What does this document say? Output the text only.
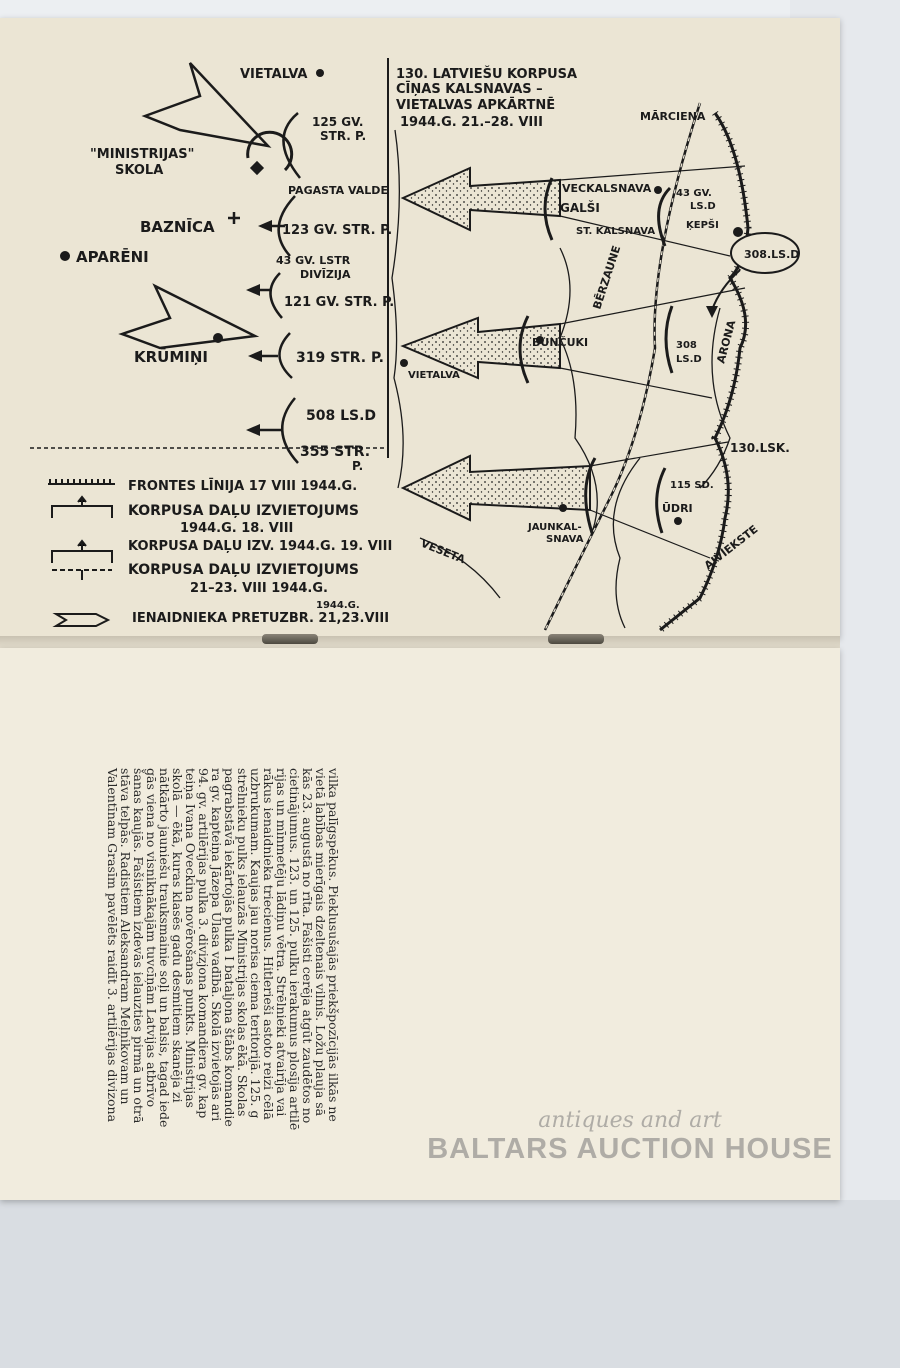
VIETALVA
125 GV.
STR. P.
"MINISTRIJAS"
SKOLA
PAGASTA VALDE
BAZNĪCA	123 GV. STR. P.
43 GV. LSTR
DIVĪZIJA
APARĒNI
121 GV. STR. P.
KRŪMIŅI	319 STR. P.
508 LS.D
355 STR.
P.
FRONTES LĪNIJA 17 VIII 1944.G.
KORPUSA DAĻU IZVIETOJUMS
1944.G. 18. VIII
KORPUSA DAĻU IZV. 1944.G. 19. VIII
KORPUSA DAĻU IZVIETOJUMS
21–23. VIII 1944.G.
1944.G.
IENAIDNIEKA PRETUZBR. 21,23.VIII
130. LATVIEŠU KORPUSA
CĪŅAS KALSNAVAS –
VIETALVAS APKĀRTNĒ
1944.G. 21.–28. VIII	MĀRCIENA
VECKALSNAVA
GALŠI
ST. KALSNAVA
43 GV.
LS.D
ĶEPŠI
308.LS.D
BĒRZAUNE
BUNČUKI	308
LS.D ARONA
VIETALVA
130.LSK.
115 SD.
ŪDRI
JAUNKAL-
SNAVA
VESETA	AIVIEKSTE

vilka palīgspēkus. Pieklusušajās priekšpozīcijās ilkās ne

vietā labības mierīgais dzeltenais vilnis. Ložu plauja sā

kās 23. augustā no rīta. Fašisti cerēja atgūt zaudētos no

cietinājumus. 123. un 125. pulku ierakumus plosīja artilē

rijas un mīnmetēju lādiņu vētra. Strēlnieki atvairīja vai

rākus ienaidnieka triecienus. Hitlerieši astoto reizi cēlā

uzbrukumam. Kaujas jau norisa ciema teritorijā. 125. g

strēlnieku pulks ielauzās Ministrijas skolas ēkā. Skolas

pagrabstāvā iekārtojās pulka I bataljona štābs komandie

ra gv. kapteiņa Jāzepa Ulasa vadībā. Skolā izvietojās ari

94. gv. artilērijas pulka 3. divizjona komandiera gv. kap

teiņa Ivana Oveckina novērošanas punkts. Ministrijas

skolā — ēkā, kuras klasēs gadu desmitiem skanēja zi

nātkārto jauniešu trauksmainie soļi un balsis, tagad iede

gās viena no visniknākajām tuvcīņām Latvijas atbrīvo

šanas kaujās. Fašistiem izdevās ielauzties pirmā un otrā

stāva telpās. Radistiem Aleksandram Meļņikovam un

Valentīnam Grasīm pavēlēts raidīt 3. artilērijas divizona	antiques and art
BALTARS AUCTION HOUSE
